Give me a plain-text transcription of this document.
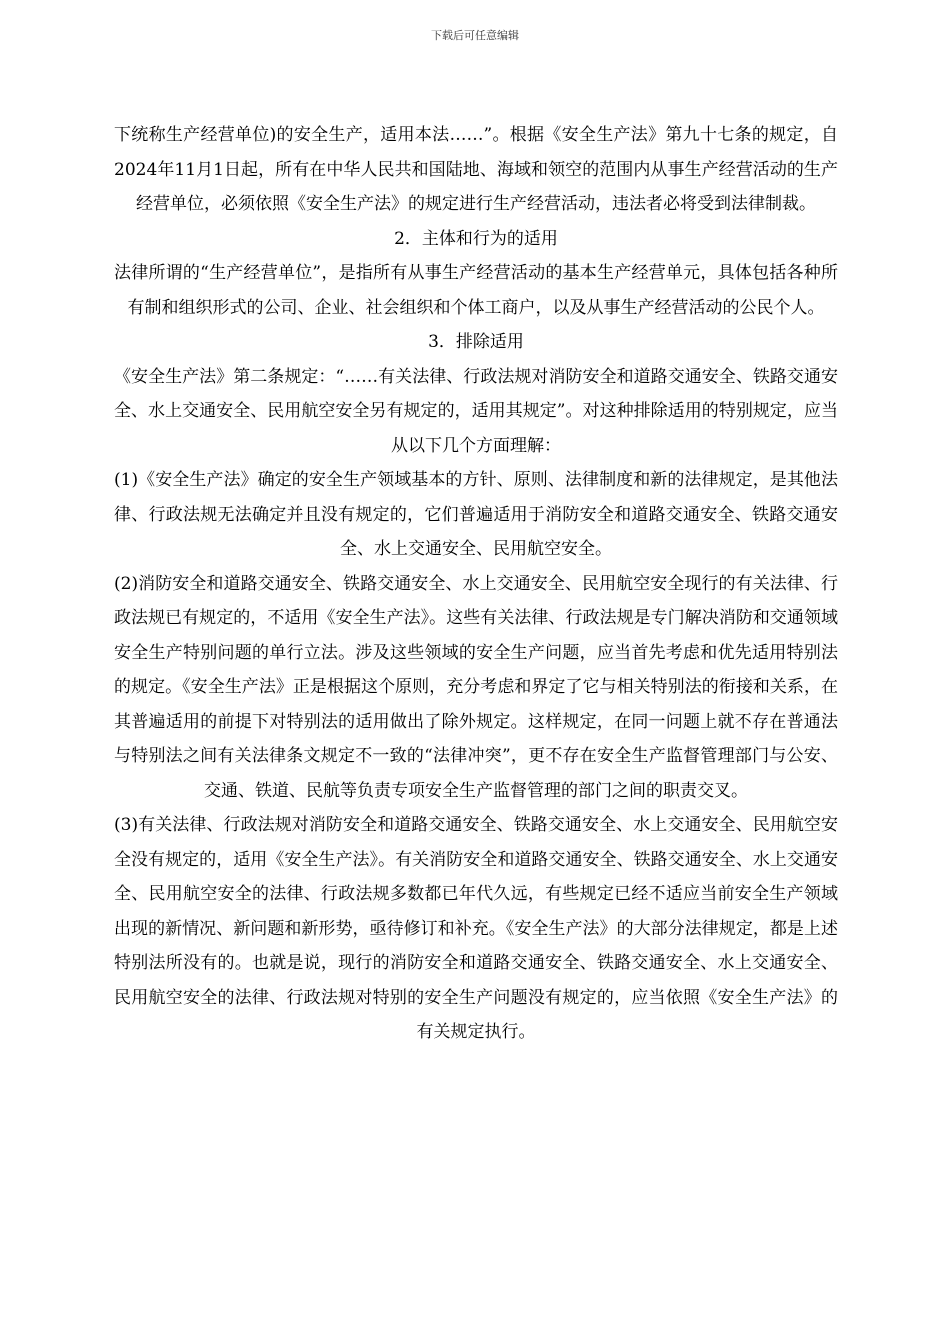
下载后可任意编辑

下统称生产经营单位)的安全生产，适用本法……”。根据《安全生产法》第九十七条的规定，自2024年11月1日起，所有在中华人民共和国陆地、海域和领空的范围内从事生产经营活动的生产经营单位，必须依照《安全生产法》的规定进行生产经营活动，违法者必将受到法律制裁。

2．主体和行为的适用

法律所谓的“生产经营单位”，是指所有从事生产经营活动的基本生产经营单元，具体包括各种所有制和组织形式的公司、企业、社会组织和个体工商户，以及从事生产经营活动的公民个人。

3．排除适用

《安全生产法》第二条规定：“……有关法律、行政法规对消防安全和道路交通安全、铁路交通安全、水上交通安全、民用航空安全另有规定的，适用其规定”。对这种排除适用的特别规定，应当从以下几个方面理解：

(1)《安全生产法》确定的安全生产领域基本的方针、原则、法律制度和新的法律规定，是其他法律、行政法规无法确定并且没有规定的，它们普遍适用于消防安全和道路交通安全、铁路交通安全、水上交通安全、民用航空安全。

(2)消防安全和道路交通安全、铁路交通安全、水上交通安全、民用航空安全现行的有关法律、行政法规已有规定的，不适用《安全生产法》。这些有关法律、行政法规是专门解决消防和交通领域安全生产特别问题的单行立法。涉及这些领域的安全生产问题，应当首先考虑和优先适用特别法的规定。《安全生产法》正是根据这个原则，充分考虑和界定了它与相关特别法的衔接和关系，在其普遍适用的前提下对特别法的适用做出了除外规定。这样规定，在同一问题上就不存在普通法与特别法之间有关法律条文规定不一致的“法律冲突”，更不存在安全生产监督管理部门与公安、交通、铁道、民航等负责专项安全生产监督管理的部门之间的职责交叉。

(3)有关法律、行政法规对消防安全和道路交通安全、铁路交通安全、水上交通安全、民用航空安全没有规定的，适用《安全生产法》。有关消防安全和道路交通安全、铁路交通安全、水上交通安全、民用航空安全的法律、行政法规多数都已年代久远，有些规定已经不适应当前安全生产领域出现的新情况、新问题和新形势，亟待修订和补充。《安全生产法》的大部分法律规定，都是上述特别法所没有的。也就是说，现行的消防安全和道路交通安全、铁路交通安全、水上交通安全、民用航空安全的法律、行政法规对特别的安全生产问题没有规定的，应当依照《安全生产法》的有关规定执行。
